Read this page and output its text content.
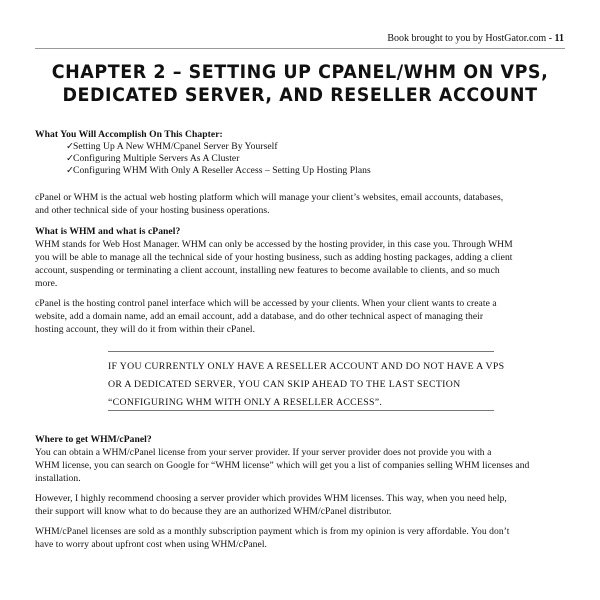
Book brought to you by HostGator.com - 11
CHAPTER 2 – SETTING UP CPANEL/WHM ON VPS,
DEDICATED SERVER, AND RESELLER ACCOUNT
What You Will Accomplish On This Chapter:
✓
Setting Up A New WHM/Cpanel Server By Yourself
✓
Configuring Multiple Servers As A Cluster
✓
Configuring WHM With Only A Reseller Access – Setting Up Hosting Plans
cPanel or WHM is the actual web hosting platform which will manage your client’s websites, email accounts, databases,
and other technical side of your hosting business operations.
What is WHM and what is cPanel?
WHM stands for Web Host Manager. WHM can only be accessed by the hosting provider, in this case you. Through WHM
you will be able to manage all the technical side of your hosting business, such as adding hosting packages, adding a client
account, suspending or terminating a client account, installing new features to become available to clients, and so much
more.
cPanel is the hosting control panel interface which will be accessed by your clients. When your client wants to create a
website, add a domain name, add an email account, add a database, and do other technical aspect of managing their
hosting account, they will do it from within their cPanel.
IF YOU CURRENTLY ONLY HAVE A RESELLER ACCOUNT AND DO NOT HAVE A VPS
OR A DEDICATED SERVER, YOU CAN SKIP AHEAD TO THE LAST SECTION
“CONFIGURING WHM WITH ONLY A RESELLER ACCESS”.
Where to get WHM/cPanel?
You can obtain a WHM/cPanel license from your server provider. If your server provider does not provide you with a
WHM license, you can search on Google for “WHM license” which will get you a list of companies selling WHM licenses and
installation.
However, I highly recommend choosing a server provider which provides WHM licenses. This way, when you need help,
their support will know what to do because they are an authorized WHM/cPanel distributor.
WHM/cPanel licenses are sold as a monthly subscription payment which is from my opinion is very affordable. You don’t
have to worry about upfront cost when using WHM/cPanel.
